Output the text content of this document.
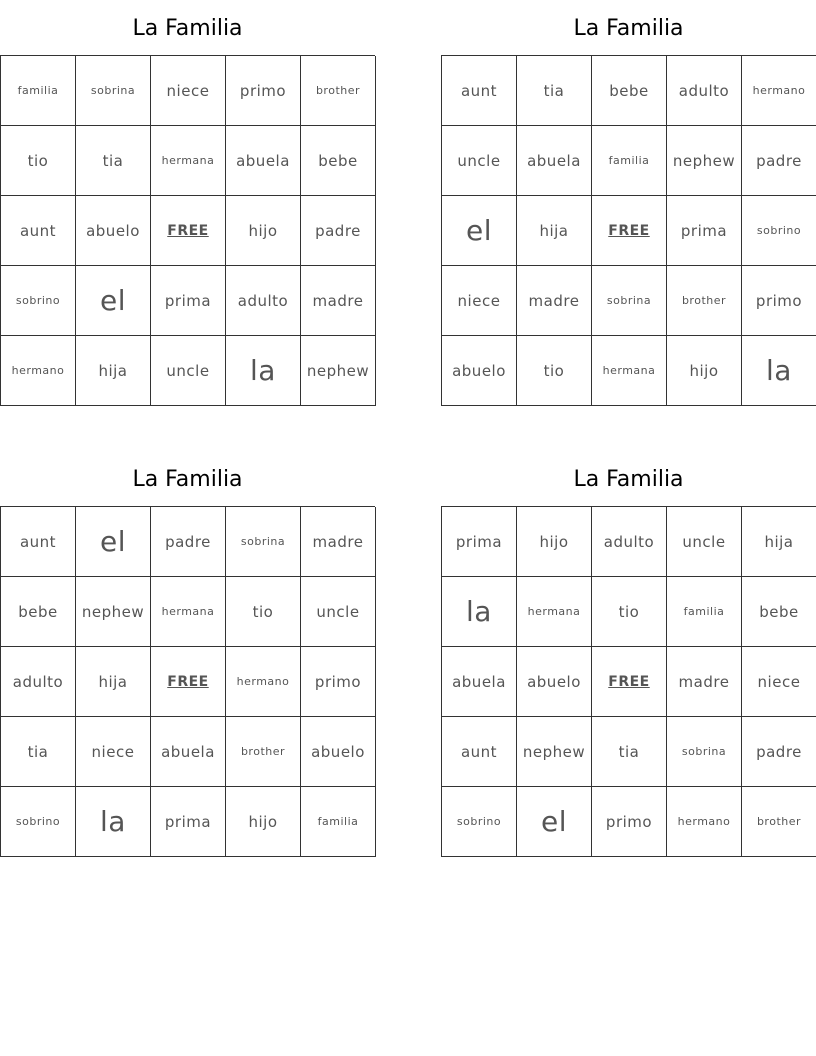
La Familia
familia	sobrina	niece	primo	brother
tio	tia	hermana	abuela	bebe
aunt	abuelo	FREE	hijo	padre
sobrino	el	prima	adulto	madre
hermano	hija	uncle	la	nephew
La Familia
aunt	tia	bebe	adulto	hermano
uncle	abuela	familia	nephew	padre
el	hija	FREE	prima	sobrino
niece	madre	sobrina	brother	primo
abuelo	tio	hermana	hijo	la
La Familia
aunt	el	padre	sobrina	madre
bebe	nephew	hermana	tio	uncle
adulto	hija	FREE	hermano	primo
tia	niece	abuela	brother	abuelo
sobrino	la	prima	hijo	familia
La Familia
prima	hijo	adulto	uncle	hija
la	hermana	tio	familia	bebe
abuela	abuelo	FREE	madre	niece
aunt	nephew	tia	sobrina	padre
sobrino	el	primo	hermano	brother
